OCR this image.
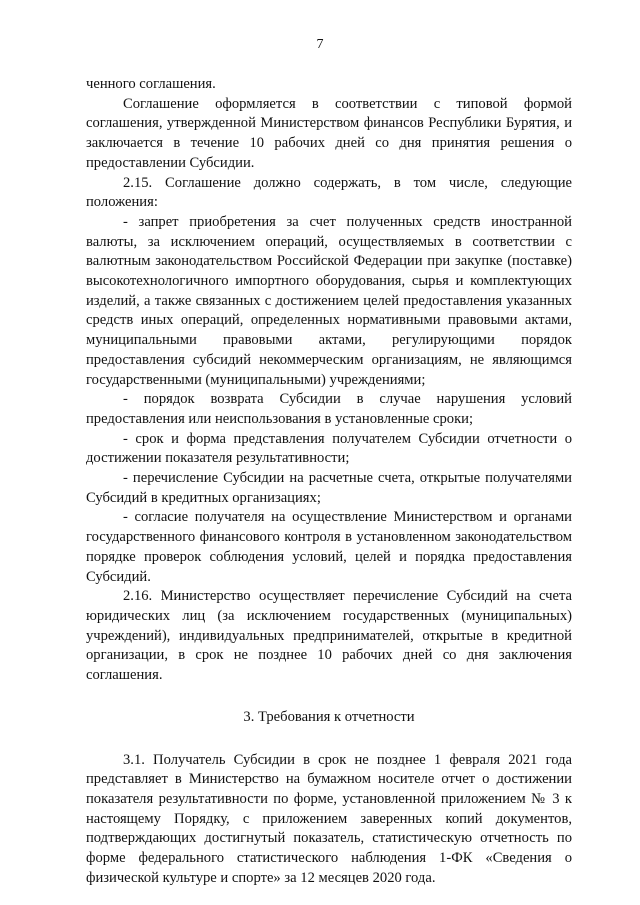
7

ченного соглашения.

Соглашение оформляется в соответствии с типовой формой соглашения, утвержденной Министерством финансов Республики Бурятия, и заключается в течение 10 рабочих дней со дня принятия решения о предоставлении Субсидии.

2.15. Соглашение должно содержать, в том числе, следующие положения:

- запрет приобретения за счет полученных средств иностранной валюты, за исключением операций, осуществляемых в соответствии с валютным законодательством Российской Федерации при закупке (поставке) высокотехнологичного импортного оборудования, сырья и комплектующих изделий, а также связанных с достижением целей предоставления указанных средств иных операций, определенных нормативными правовыми актами, муниципальными правовыми актами, регулирующими порядок предоставления субсидий некоммерческим организациям, не являющимся государственными (муниципальными) учреждениями;

- порядок возврата Субсидии в случае нарушения условий предоставления или неиспользования в установленные сроки;

- срок и форма представления получателем Субсидии отчетности о достижении показателя результативности;

- перечисление Субсидии на расчетные счета, открытые получателями Субсидий в кредитных организациях;

- согласие получателя на осуществление Министерством и органами государственного финансового контроля в установленном законодательством порядке проверок соблюдения условий, целей и порядка предоставления Субсидий.

2.16. Министерство осуществляет перечисление Субсидий на счета юридических лиц (за исключением государственных (муниципальных) учреждений), индивидуальных предпринимателей, открытые в кредитной организации, в срок не позднее 10 рабочих дней со дня заключения соглашения.

3. Требования к отчетности

3.1. Получатель Субсидии в срок не позднее 1 февраля 2021 года представляет в Министерство на бумажном носителе отчет о достижении показателя результативности по форме, установленной приложением № 3 к настоящему Порядку, с приложением заверенных копий документов, подтверждающих достигнутый показатель, статистическую отчетность по форме федерального статистического наблюдения 1-ФК «Сведения о физической культуре и спорте» за 12 месяцев 2020 года.
